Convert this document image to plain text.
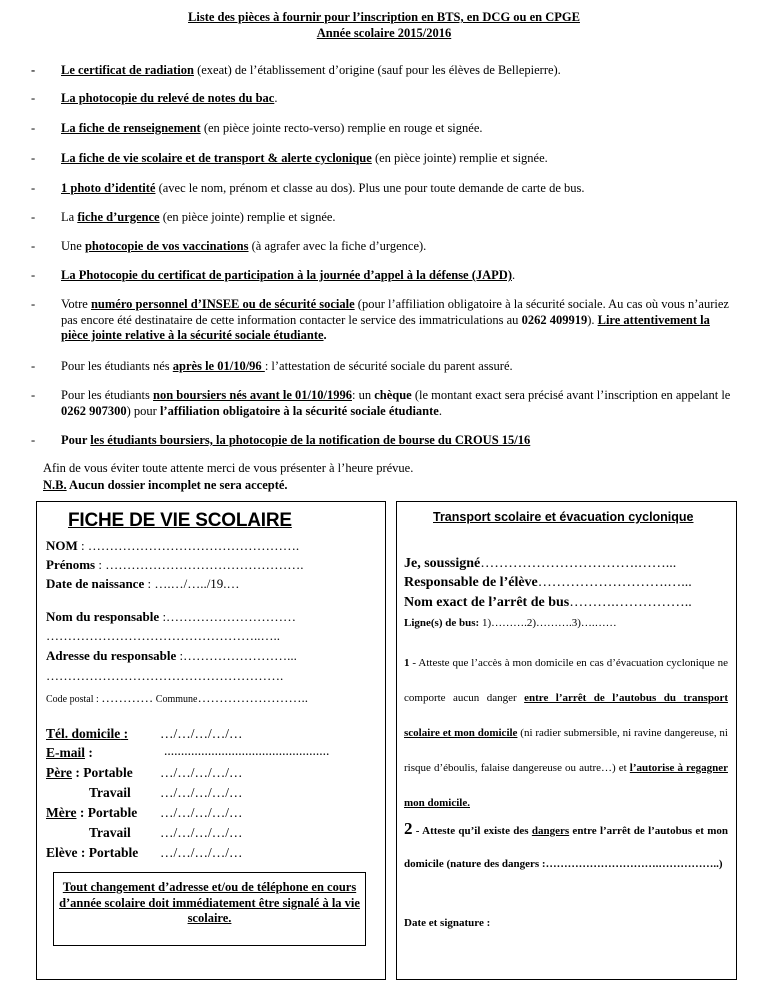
Liste des pièces à fournir pour l’inscription en BTS, en DCG ou en CPGE
Année scolaire 2015/2016
- Le certificat de radiation (exeat) de l’établissement d’origine (sauf pour les élèves de Bellepierre).
- La photocopie du relevé de notes du bac.
- La fiche de renseignement (en pièce jointe recto-verso) remplie en rouge et signée.
- La fiche de vie scolaire et de transport & alerte cyclonique (en pièce jointe) remplie et signée.
- 1 photo d’identité (avec le nom, prénom et classe au dos). Plus une pour toute demande de carte de bus.
- La fiche d’urgence (en pièce jointe) remplie et signée.
- Une photocopie de vos vaccinations (à agrafer avec la fiche d’urgence).
- La Photocopie du certificat de participation à la journée d’appel à la défense (JAPD).
- Votre numéro personnel d’INSEE ou de sécurité sociale (pour l’affiliation obligatoire à la sécurité sociale. Au cas où vous n’auriez pas encore été destinataire de cette information contacter le service des immatriculations au 0262 409919). Lire attentivement la pièce jointe relative à la sécurité sociale étudiante.
- Pour les étudiants nés après le 01/10/96 : l’attestation de sécurité sociale du parent assuré.
- Pour les étudiants non boursiers nés avant le 01/10/1996: un chèque (le montant exact sera précisé avant l’inscription en appelant le 0262 907300) pour l’affiliation obligatoire à la sécurité sociale étudiante.
- Pour les étudiants boursiers, la photocopie de la notification de bourse du CROUS 15/16
Afin de vous éviter toute attente merci de vous présenter à l’heure prévue.
N.B. Aucun dossier incomplet ne sera accepté.
FICHE DE VIE SCOLAIRE
NOM : ………………………………………….
Prénoms : ……………………………………….
Date de naissance : ….…/…../19.…
Nom du responsable :…………………………
…………………………………………..…..
Adresse du responsable :……………………...
……………………………………………….
Code postal : ………… Commune……………………..
Tél. domicile : …/…/…/…/…
E-mail :	.................................................
Père : Portable …/…/…/…/…
Travail …/…/…/…/…
Mère : Portable …/…/…/…/…
Travail …/…/…/…/…
Elève : Portable …/…/…/…/…
Tout changement d’adresse et/ou de téléphone en cours d’année scolaire doit immédiatement être signalé à la vie scolaire.
Transport scolaire et évacuation cyclonique
Je, soussigné…………………………….……...
Responsable de l’élève……………………….…...
Nom exact de l’arrêt de bus……….……………..
Ligne(s) de bus: 1)……….2)……….3)….……
1 - Atteste que l’accès à mon domicile en cas d’évacuation cyclonique ne comporte aucun danger entre l’arrêt de l’autobus du transport scolaire et mon domicile (ni radier submersible, ni ravine dangereuse, ni risque d’éboulis, falaise dangereuse ou autre…) et l’autorise à regagner mon domicile.
2 - Atteste qu’il existe des dangers entre l’arrêt de l’autobus et mon domicile (nature des dangers :………………………….……………..)
Date et signature :
